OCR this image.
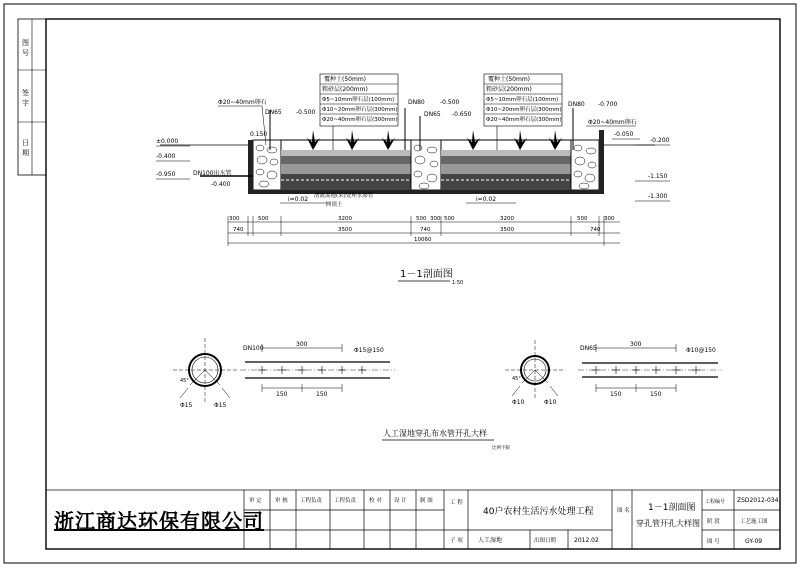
图
号
签
字
日
期
覆种土(50mm)
粗砂层(200mm)
Φ5~10mm卵石层(100mm)
Φ10~20mm卵石层(300mm)
Φ20~40mm卵石层(300mm)
覆种土(50mm)
粗砂层(200mm)
Φ5~10mm卵石层(100mm)
Φ10~20mm卵石层(300mm)
Φ20~40mm卵石层(300mm)
Φ20~40mm卵石
Φ20~40mm卵石
DN65 -0.500
DN80	-0.500
DN65 -0.650
DN80 -0.700
DN100出水管
-0.400
0.150
±0.000
-0.400
-0.950
-0.050
-0.200
-1.150
-1.300
潜流湿地(采)处理水渗管
回填土
i=0.02	i=0.02
300	500	3200	500 300 500	3200	500	300
740	3500	740	3500	740
10060
1－1剖面图
1:50
DN100
300
Φ15@150
150	150
Φ15	Φ15
45°
DN65
300
Φ10@150
150	150
Φ10	Φ10
45°
人工湿地穿孔布水管开孔大样
比例不限
审 定 审 核 工程负责 工程负责 校 对 设 计 制 图	工 程
子 项
40户农村生活污水处理工程
人工湿地	出图日期	2012.02
图 名 1－1剖面图
穿孔管开孔大样图
工程编号 ZSD2012-034
阶 段	工艺施工图
图 号	GY-09
浙江商达环保有限公司
